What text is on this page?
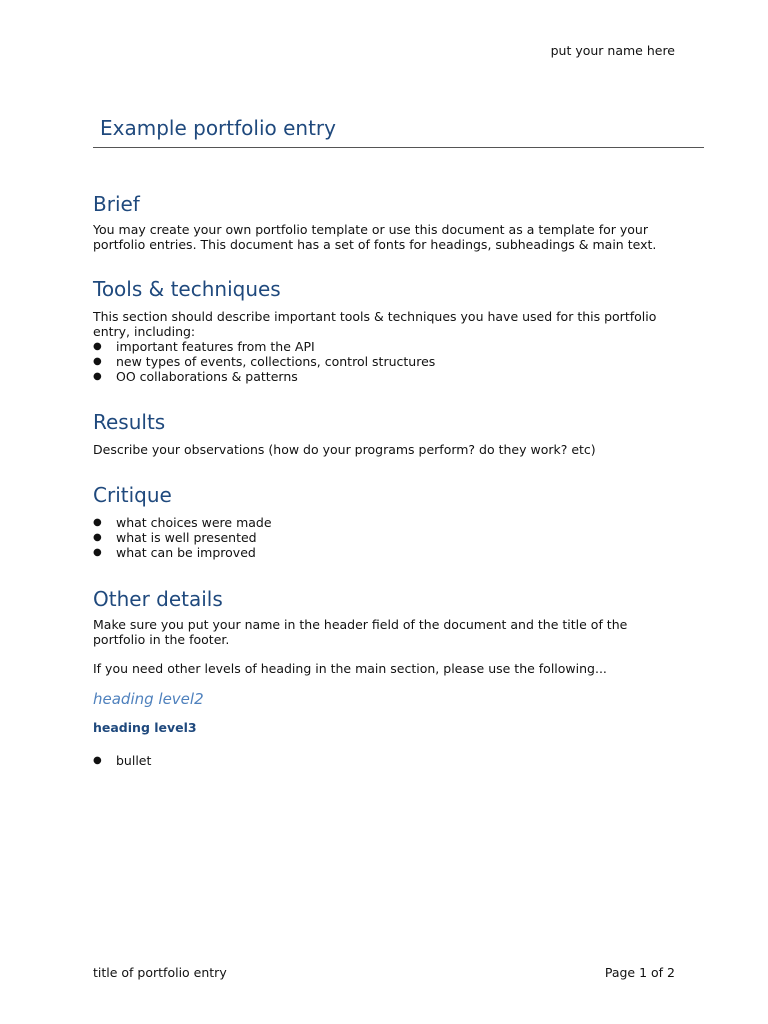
put your name here
Example portfolio entry
Brief

You may create your own portfolio template or use this document as a template for your portfolio entries. This document has a set of fonts for headings, subheadings & main text.

Tools & techniques

This section should describe important tools & techniques you have used for this portfolio entry, including:

● important features from the API
● new types of events, collections, control structures
● OO collaborations & patterns
Results

Describe your observations (how do your programs perform? do they work? etc)

Critique
● what choices were made
● what is well presented
● what can be improved
Other details

Make sure you put your name in the header field of the document and the title of the portfolio in the footer.

If you need other levels of heading in the main section, please use the following...

heading level2
heading level3
● bullet
title of portfolio entry	Page 1 of 2
